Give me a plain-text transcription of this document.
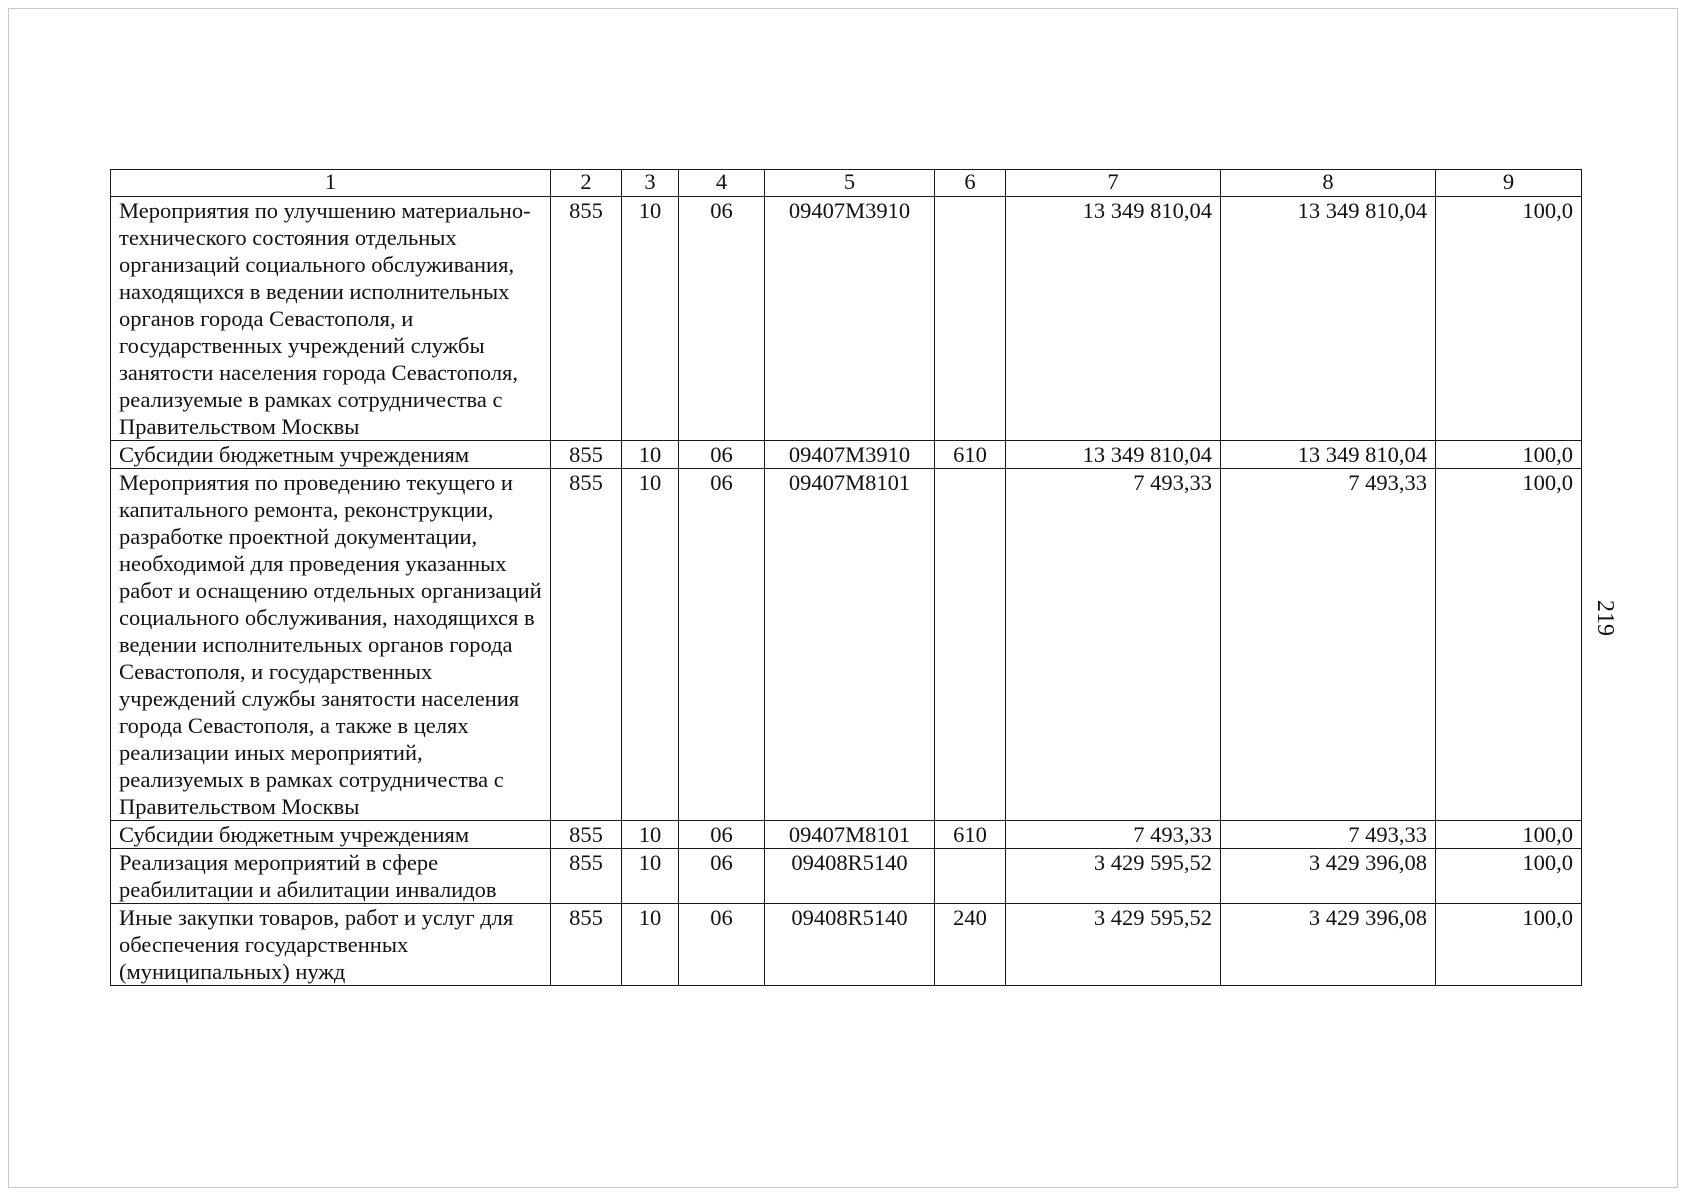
1	2	3	4	5	6	7	8	9
Мероприятия по улучшению материально-технического состояния отдельных организаций социального обслуживания, находящихся в ведении исполнительных органов города Севастополя, и государственных учреждений службы занятости населения города Севастополя, реализуемые в рамках сотрудничества с Правительством Москвы	855	10	06	09407M3910		13 349 810,04	13 349 810,04	100,0
Субсидии бюджетным учреждениям	855	10	06	09407M3910	610	13 349 810,04	13 349 810,04	100,0
Мероприятия по проведению текущего и капитального ремонта, реконструкции, разработке проектной документации, необходимой для проведения указанных работ и оснащению отдельных организаций социального обслуживания, находящихся в ведении исполнительных органов города Севастополя, и государственных учреждений службы занятости населения города Севастополя, а также в целях реализации иных мероприятий, реализуемых в рамках сотрудничества с Правительством Москвы	855	10	06	09407M8101		7 493,33	7 493,33	100,0
Субсидии бюджетным учреждениям	855	10	06	09407M8101	610	7 493,33	7 493,33	100,0
Реализация мероприятий в сфере реабилитации и абилитации инвалидов	855	10	06	09408R5140		3 429 595,52	3 429 396,08	100,0
Иные закупки товаров, работ и услуг для обеспечения государственных (муниципальных) нужд	855	10	06	09408R5140	240	3 429 595,52	3 429 396,08	100,0
219
